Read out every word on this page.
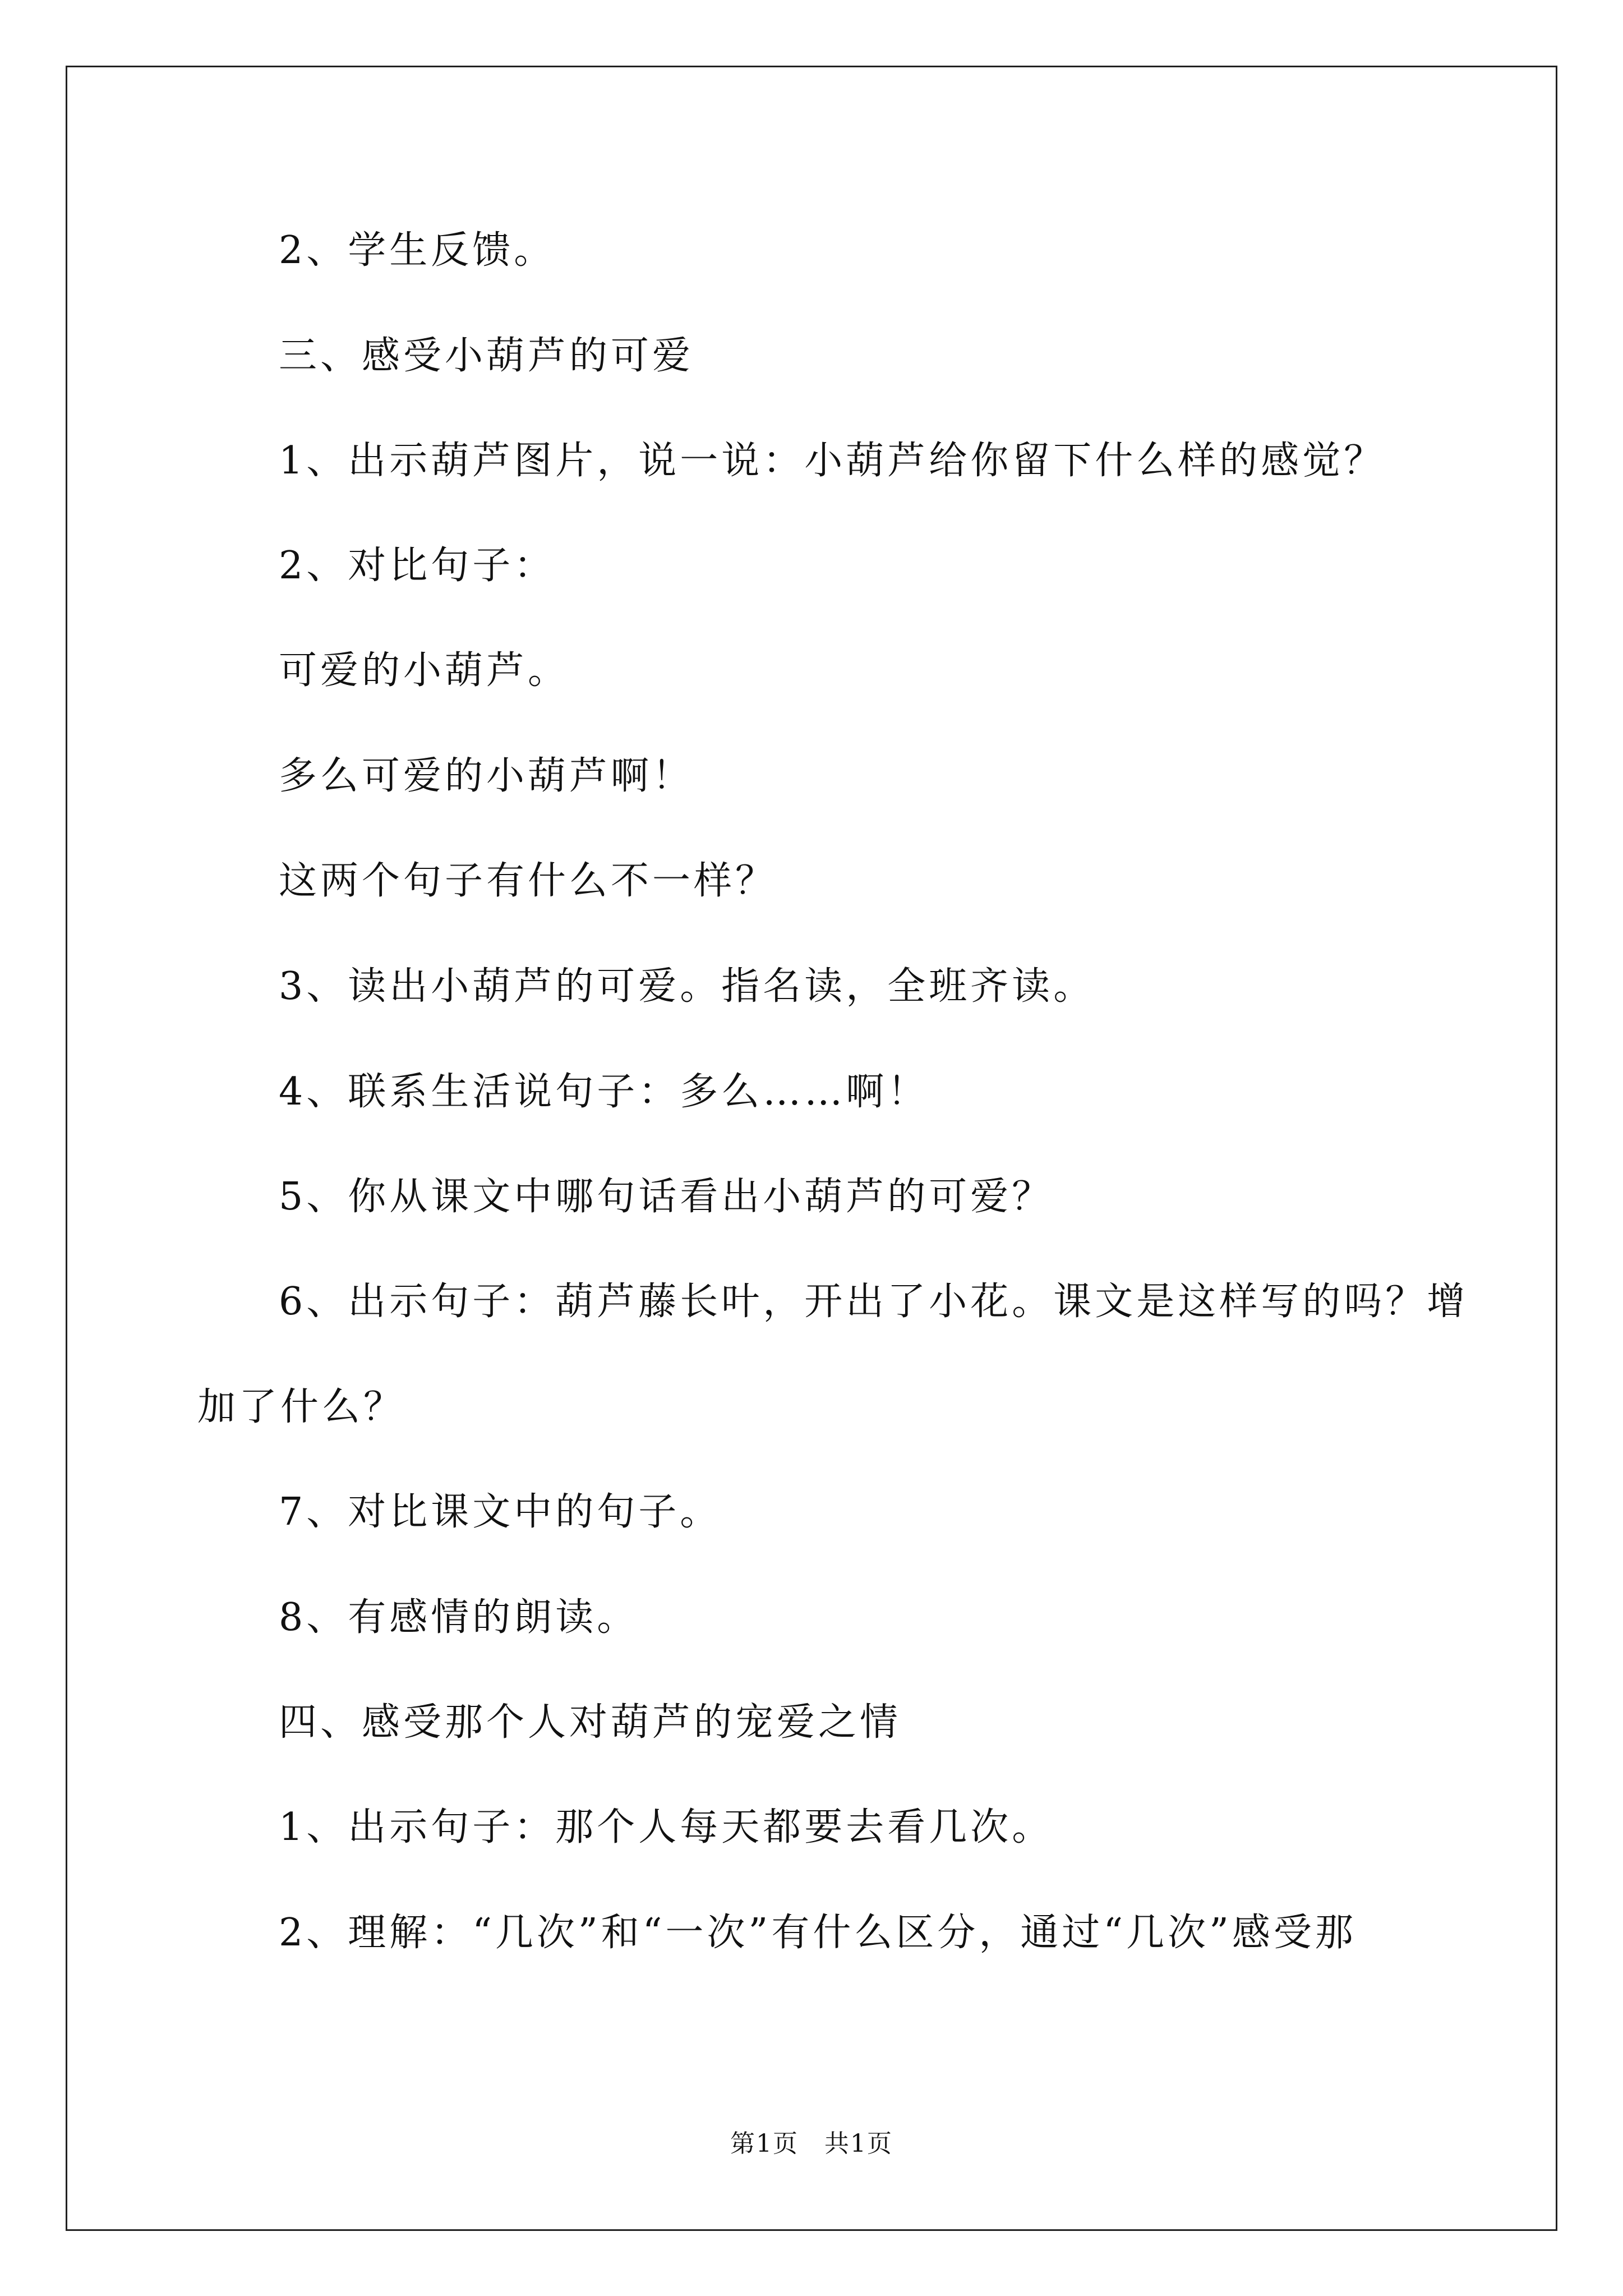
2、学生反馈。
三、感受小葫芦的可爱
1、出示葫芦图片，说一说：小葫芦给你留下什么样的感觉？
2、对比句子：
可爱的小葫芦。
多么可爱的小葫芦啊！
这两个句子有什么不一样？
3、读出小葫芦的可爱。指名读，全班齐读。
4、联系生活说句子：多么……啊！
5、你从课文中哪句话看出小葫芦的可爱？
6、出示句子：葫芦藤长叶，开出了小花。课文是这样写的吗？增
加了什么？
7、对比课文中的句子。
8、有感情的朗读。
四、感受那个人对葫芦的宠爱之情
1、出示句子：那个人每天都要去看几次。
2、理解：“几次”和“一次”有什么区分，通过“几次”感受那
第1页　共1页
